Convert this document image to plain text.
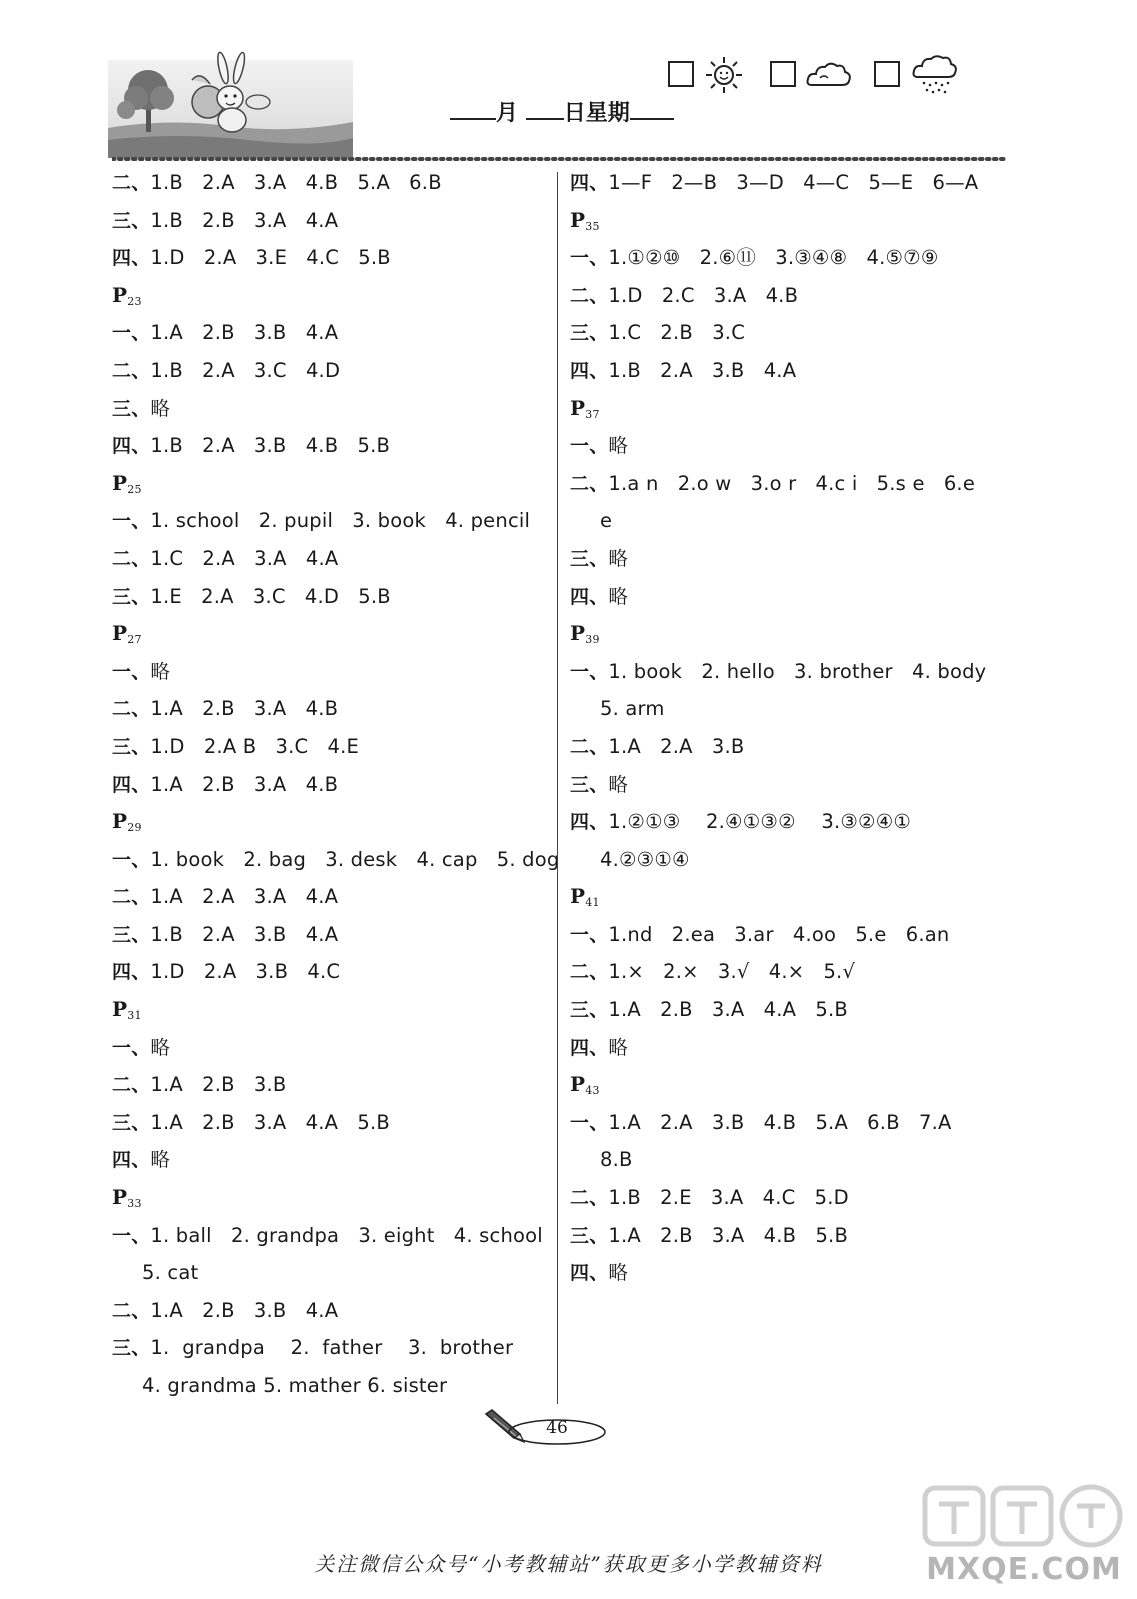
月 日星期
二、1.B   2.A   3.A   4.B   5.A   6.B
三、1.B   2.B   3.A   4.A
四、1.D   2.A   3.E   4.C   5.B
$P_{23}$
一、1.A   2.B   3.B   4.A
二、1.B   2.A   3.C   4.D
三、略
四、1.B   2.A   3.B   4.B   5.B
$P_{25}$
一、1. school   2. pupil   3. book   4. pencil
二、1.C   2.A   3.A   4.A
三、1.E   2.A   3.C   4.D   5.B
$P_{27}$
一、略
二、1.A   2.B   3.A   4.B
三、1.D   2.A B   3.C   4.E
四、1.A   2.B   3.A   4.B
$P_{29}$
一、1. book   2. bag   3. desk   4. cap   5. dog
二、1.A   2.A   3.A   4.A
三、1.B   2.A   3.B   4.A
四、1.D   2.A   3.B   4.C
$P_{31}$
一、略
二、1.A   2.B   3.B
三、1.A   2.B   3.A   4.A   5.B
四、略
$P_{33}$
一、1. ball   2. grandpa   3. eight   4. school
5. cat
二、1.A   2.B   3.B   4.A
三、1.  grandpa    2.  father    3.  brother
4. grandma 5. mather 6. sister
四、1—F   2—B   3—D   4—C   5—E   6—A
$P_{35}$
一、1.①②⑩   2.⑥⑪   3.③④⑧   4.⑤⑦⑨
二、1.D   2.C   3.A   4.B
三、1.C   2.B   3.C
四、1.B   2.A   3.B   4.A
$P_{37}$
一、略
二、1.a n   2.o w   3.o r   4.c i   5.s e   6.e
e
三、略
四、略
$P_{39}$
一、1. book   2. hello   3. brother   4. body
5. arm
二、1.A   2.A   3.B
三、略
四、1.②①③    2.④①③②    3.③②④①
4.②③①④
$P_{41}$
一、1.nd   2.ea   3.ar   4.oo   5.e   6.an
二、1.×   2.×   3.√   4.×   5.√
三、1.A   2.B   3.A   4.A   5.B
四、略
$P_{43}$
一、1.A   2.A   3.B   4.B   5.A   6.B   7.A
8.B
二、1.B   2.E   3.A   4.C   5.D
三、1.A   2.B   3.A   4.B   5.B
四、略
46
MXQE.COM
关注微信公众号“小考教辅站”获取更多小学教辅资料
